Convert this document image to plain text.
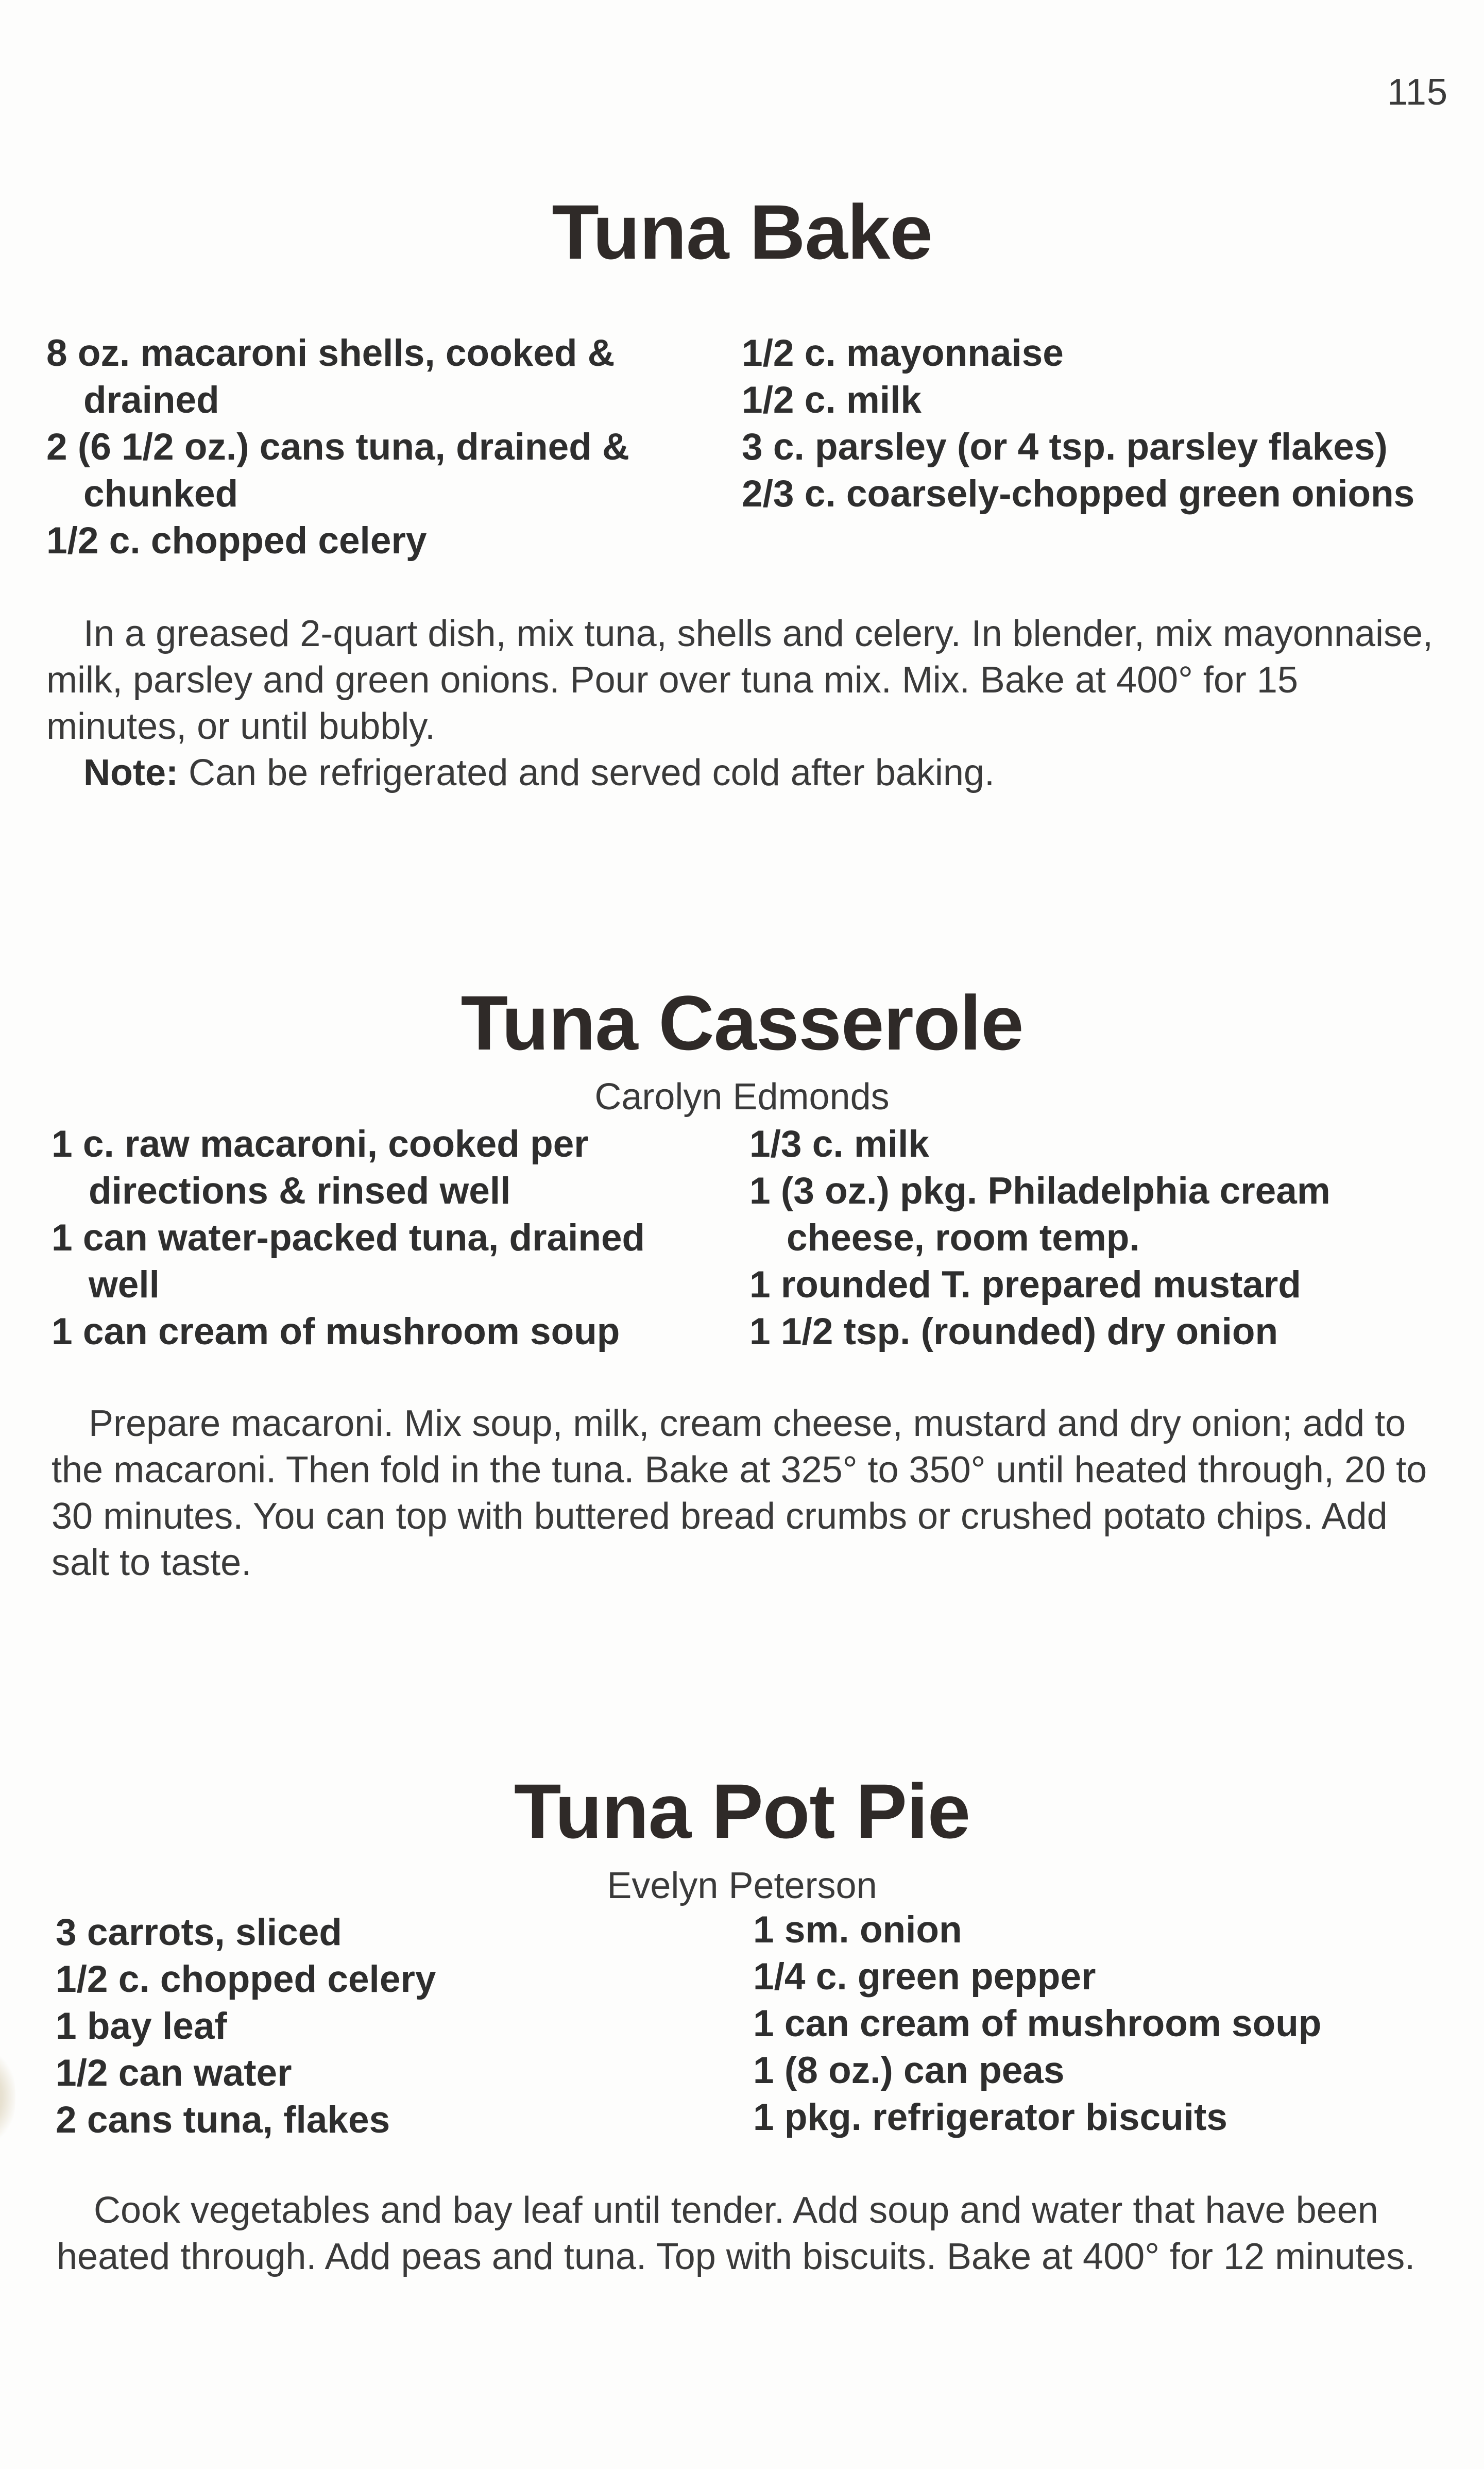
115
Tuna Bake
8 oz. macaroni shells, cooked & drained
2 (6 1/2 oz.) cans tuna, drained & chunked
1/2 c. chopped celery
1/2 c. mayonnaise
1/2 c. milk
3 c. parsley (or 4 tsp. parsley flakes)
2/3 c. coarsely-chopped green onions

In a greased 2-quart dish, mix tuna, shells and celery. In blender, mix mayonnaise, milk, parsley and green onions. Pour over tuna mix. Mix. Bake at 400° for 15 minutes, or until bubbly.

Note: Can be refrigerated and served cold after baking.

Tuna Casserole
Carolyn Edmonds
1 c. raw macaroni, cooked per directions & rinsed well
1 can water-packed tuna, drained well
1 can cream of mushroom soup
1/3 c. milk
1 (3 oz.) pkg. Philadelphia cream cheese, room temp.
1 rounded T. prepared mustard
1 1/2 tsp. (rounded) dry onion

Prepare macaroni. Mix soup, milk, cream cheese, mustard and dry onion; add to the macaroni. Then fold in the tuna. Bake at 325° to 350° until heated through, 20 to 30 minutes. You can top with buttered bread crumbs or crushed potato chips. Add salt to taste.

Tuna Pot Pie
Evelyn Peterson
3 carrots, sliced
1/2 c. chopped celery
1 bay leaf
1/2 can water
2 cans tuna, flakes
1 sm. onion
1/4 c. green pepper
1 can cream of mushroom soup
1 (8 oz.) can peas
1 pkg. refrigerator biscuits

Cook vegetables and bay leaf until tender. Add soup and water that have been heated through. Add peas and tuna. Top with biscuits. Bake at 400° for 12 minutes.
